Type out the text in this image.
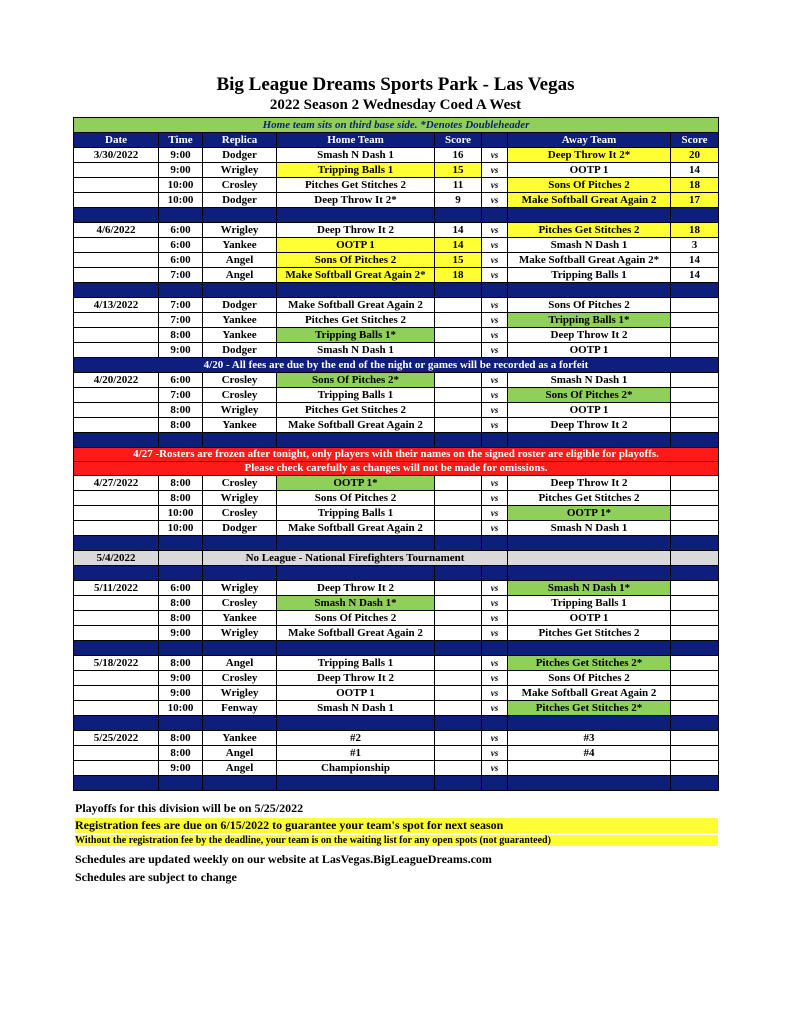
Big League Dreams Sports Park - Las Vegas
2022 Season 2 Wednesday Coed A West
Home team sits on third base side. *Denotes Doubleheader							
Date	Time	Replica	Home Team	Score		Away Team	Score
3/30/2022	9:00	Dodger	Smash N Dash 1	16	vs	Deep Throw It 2*	20
	9:00	Wrigley	Tripping Balls 1	15	vs	OOTP 1	14
	10:00	Crosley	Pitches Get Stitches 2	11	vs	Sons Of Pitches 2	18
	10:00	Dodger	Deep Throw It 2*	9	vs	Make Softball Great Again 2	17

4/6/2022	6:00	Wrigley	Deep Throw It 2	14	vs	Pitches Get Stitches 2	18
	6:00	Yankee	OOTP 1	14	vs	Smash N Dash 1	3
	6:00	Angel	Sons Of Pitches 2	15	vs	Make Softball Great Again 2*	14
	7:00	Angel	Make Softball Great Again 2*	18	vs	Tripping Balls 1	14

4/13/2022	7:00	Dodger	Make Softball Great Again 2		vs	Sons Of Pitches 2	
	7:00	Yankee	Pitches Get Stitches 2		vs	Tripping Balls 1*	
	8:00	Yankee	Tripping Balls 1*		vs	Deep Throw It 2	
	9:00	Dodger	Smash N Dash 1		vs	OOTP 1	
4/20 - All fees are due by the end of the night or games will be recorded as a forfeit							
4/20/2022	6:00	Crosley	Sons Of Pitches 2*		vs	Smash N Dash 1	
	7:00	Crosley	Tripping Balls 1		vs	Sons Of Pitches 2*	
	8:00	Wrigley	Pitches Get Stitches 2		vs	OOTP 1	
	8:00	Yankee	Make Softball Great Again 2		vs	Deep Throw It 2	

4/27 -Rosters are frozen after tonight, only players with their names on the signed roster are eligible for playoffs.							
Please check carefully as changes will not be made for omissions.							
4/27/2022	8:00	Crosley	OOTP 1*		vs	Deep Throw It 2	
	8:00	Wrigley	Sons Of Pitches 2		vs	Pitches Get Stitches 2	
	10:00	Crosley	Tripping Balls 1		vs	OOTP 1*	
	10:00	Dodger	Make Softball Great Again 2		vs	Smash N Dash 1	

5/4/2022		No League - National Firefighters Tournament					

5/11/2022	6:00	Wrigley	Deep Throw It 2		vs	Smash N Dash 1*	
	8:00	Crosley	Smash N Dash 1*		vs	Tripping Balls 1	
	8:00	Yankee	Sons Of Pitches 2		vs	OOTP 1	
	9:00	Wrigley	Make Softball Great Again 2		vs	Pitches Get Stitches 2	

5/18/2022	8:00	Angel	Tripping Balls 1		vs	Pitches Get Stitches 2*	
	9:00	Crosley	Deep Throw It 2		vs	Sons Of Pitches 2	
	9:00	Wrigley	OOTP 1		vs	Make Softball Great Again 2	
	10:00	Fenway	Smash N Dash 1		vs	Pitches Get Stitches 2*	

5/25/2022	8:00	Yankee	#2		vs	#3	
	8:00	Angel	#1		vs	#4	
	9:00	Angel	Championship		vs		

Playoffs for this division will be on 5/25/2022
Registration fees are due on 6/15/2022 to guarantee your team's spot for next season
Without the registration fee by the deadline, your team is on the waiting list for any open spots (not guaranteed)
Schedules are updated weekly on our website at LasVegas.BigLeagueDreams.com
Schedules are subject to change
